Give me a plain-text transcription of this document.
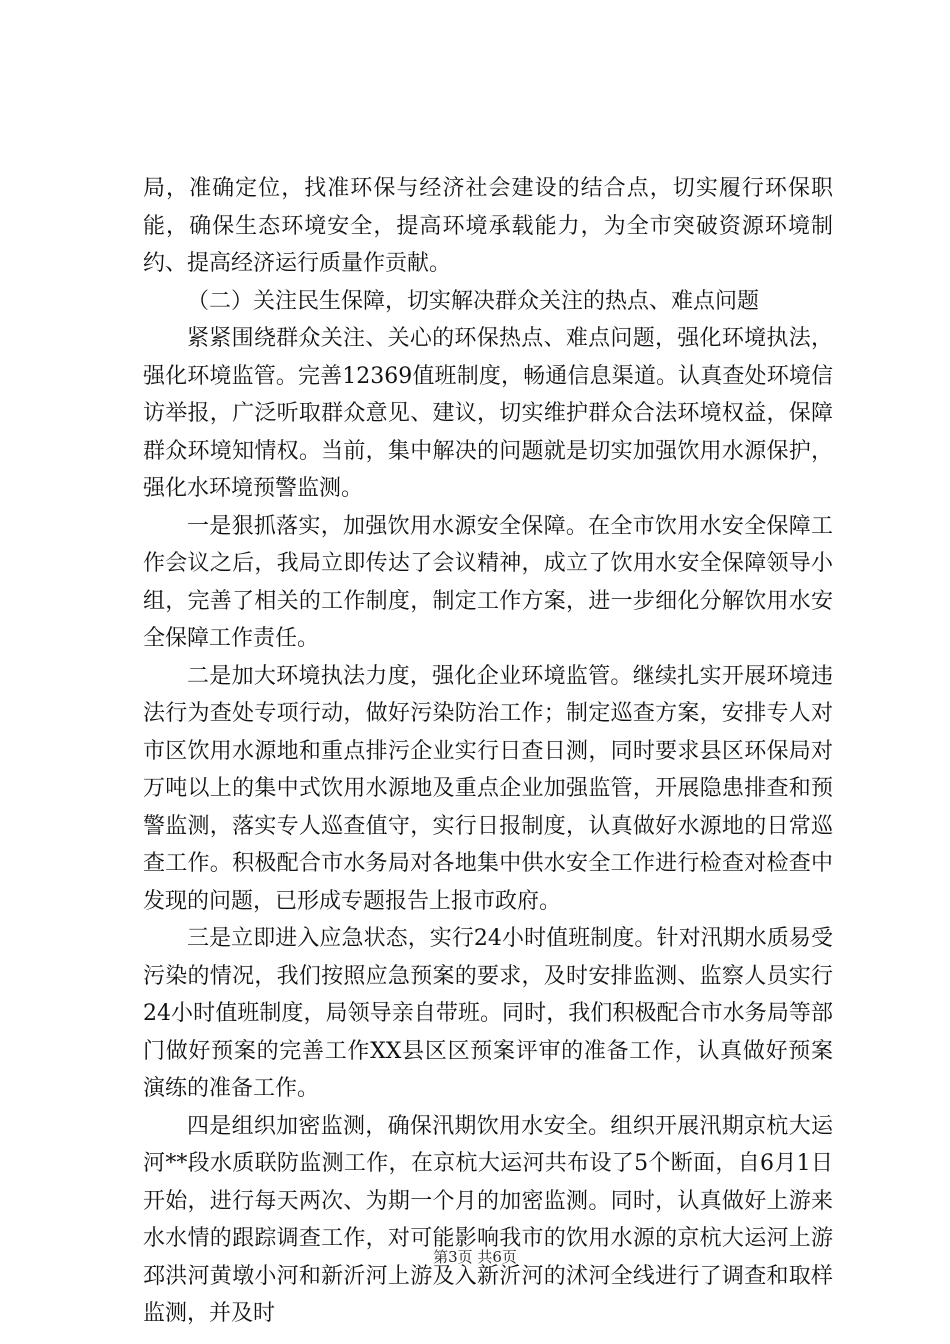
局，准确定位，找准环保与经济社会建设的结合点，切实履行环保职能，确保生态环境安全，提高环境承载能力，为全市突破资源环境制约、提高经济运行质量作贡献。

（二）关注民生保障，切实解决群众关注的热点、难点问题

紧紧围绕群众关注、关心的环保热点、难点问题，强化环境执法，强化环境监管。完善12369值班制度，畅通信息渠道。认真查处环境信访举报，广泛听取群众意见、建议，切实维护群众合法环境权益，保障群众环境知情权。当前，集中解决的问题就是切实加强饮用水源保护，强化水环境预警监测。

一是狠抓落实，加强饮用水源安全保障。在全市饮用水安全保障工作会议之后，我局立即传达了会议精神，成立了饮用水安全保障领导小组，完善了相关的工作制度，制定工作方案，进一步细化分解饮用水安全保障工作责任。

二是加大环境执法力度，强化企业环境监管。继续扎实开展环境违法行为查处专项行动，做好污染防治工作；制定巡查方案，安排专人对市区饮用水源地和重点排污企业实行日查日测，同时要求县区环保局对万吨以上的集中式饮用水源地及重点企业加强监管，开展隐患排查和预警监测，落实专人巡查值守，实行日报制度，认真做好水源地的日常巡查工作。积极配合市水务局对各地集中供水安全工作进行检查对检查中发现的问题，已形成专题报告上报市政府。

三是立即进入应急状态，实行24小时值班制度。针对汛期水质易受污染的情况，我们按照应急预案的要求，及时安排监测、监察人员实行24小时值班制度，局领导亲自带班。同时，我们积极配合市水务局等部门做好预案的完善工作XX县区区预案评审的准备工作，认真做好预案演练的准备工作。

四是组织加密监测，确保汛期饮用水安全。组织开展汛期京杭大运河**段水质联防监测工作，在京杭大运河共布设了5个断面，自6月1日开始，进行每天两次、为期一个月的加密监测。同时，认真做好上游来水水情的跟踪调查工作，对可能影响我市的饮用水源的京杭大运河上游邳洪河黄墩小河和新沂河上游及入新沂河的沭河全线进行了调查和取样监测，并及时

第3页 共6页
